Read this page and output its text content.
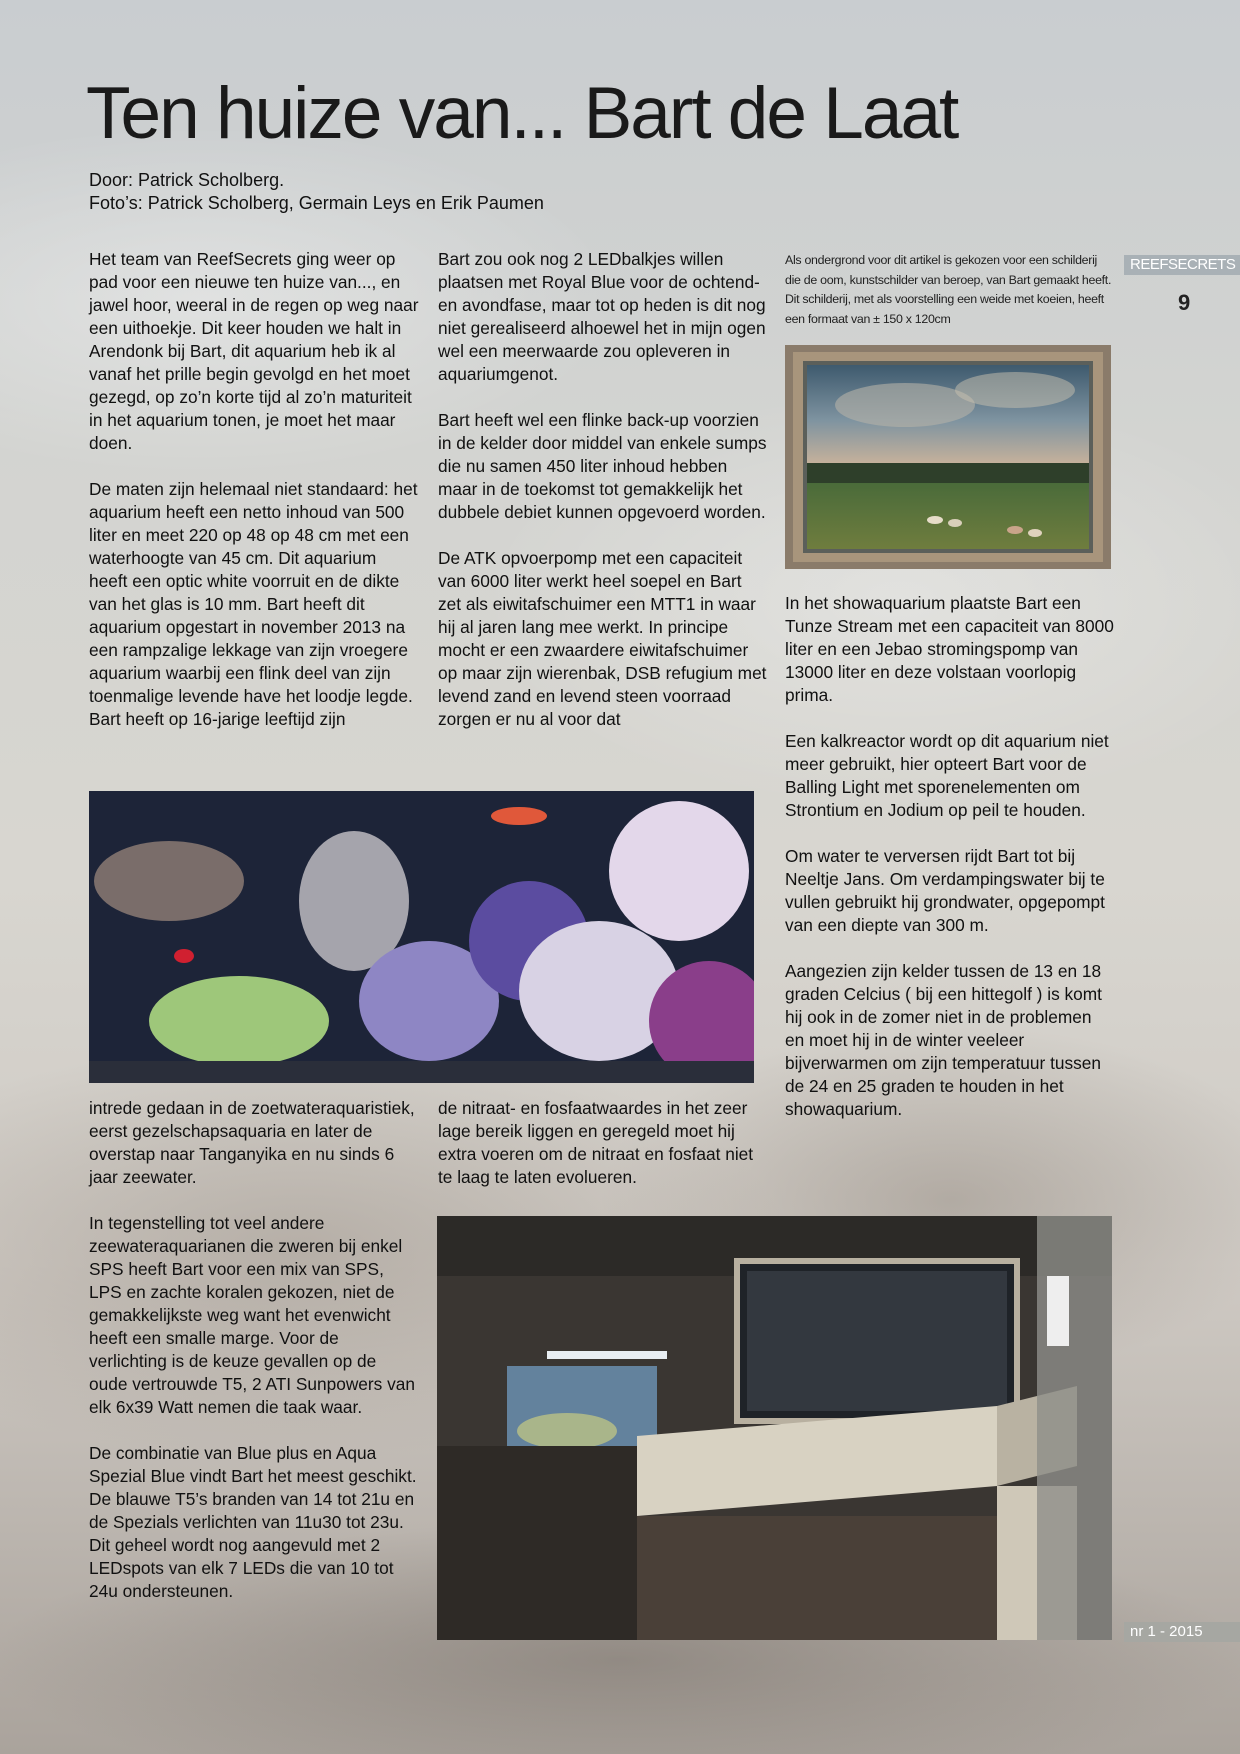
Ten huize van... Bart de Laat
Door: Patrick Scholberg.
Foto’s: Patrick Scholberg, Germain Leys en Erik Paumen

Het team van ReefSecrets ging weer op pad voor een nieuwe ten huize van..., en jawel hoor, weeral in de regen op weg naar een uithoekje. Dit keer houden we halt in Arendonk bij Bart, dit aquarium heb ik al vanaf het prille begin gevolgd en het moet gezegd, op zo’n korte tijd al zo’n maturiteit in het aquarium tonen, je moet het maar doen.

De maten zijn helemaal niet standaard: het aquarium heeft een netto inhoud van 500 liter en meet 220 op 48 op 48 cm met een waterhoogte van 45 cm. Dit aquarium heeft een optic white voorruit en de dikte van het glas is 10 mm. Bart heeft dit aquarium opgestart in november 2013 na een rampzalige lekkage van zijn vroegere aquarium waarbij een flink deel van zijn toenmalige levende have het loodje legde. Bart heeft op 16-jarige leeftijd zijn

Bart zou ook nog 2 LEDbalkjes willen plaatsen met Royal Blue voor de ochtend- en avondfase, maar tot op heden is dit nog niet gerealiseerd alhoewel het in mijn ogen wel een meerwaarde zou opleveren in aquariumgenot.

Bart heeft wel een flinke back-up voorzien in de kelder door middel van enkele sumps die nu samen 450 liter inhoud hebben maar in de toekomst tot gemakkelijk het dubbele debiet kunnen opgevoerd worden.

De ATK opvoerpomp met een capaciteit van 6000 liter werkt heel soepel en Bart zet als eiwitafschuimer een MTT1 in waar hij al jaren lang mee werkt. In principe mocht er een zwaardere eiwitafschuimer op maar zijn wierenbak, DSB refugium met levend zand en levend steen voorraad zorgen er nu al voor dat

Als ondergrond voor dit artikel is gekozen voor een schilderij die de oom, kunstschilder van beroep, van Bart gemaakt heeft. Dit schilderij, met als voorstelling een weide met koeien, heeft een formaat van ± 150 x 120cm
REEFSECRETS
9
nr 1 - 2015

intrede gedaan in de zoetwateraquaristiek, eerst gezelschapsaquaria en later de overstap naar Tanganyika en nu sinds 6 jaar zeewater.

In tegenstelling tot veel andere zeewateraquarianen die zweren bij enkel SPS heeft Bart voor een mix van SPS, LPS en zachte koralen gekozen, niet de gemakkelijkste weg want het evenwicht heeft een smalle marge. Voor de verlichting is de keuze gevallen op de oude vertrouwde T5, 2 ATI Sunpowers van elk 6x39 Watt nemen die taak waar.

De combinatie van Blue plus en Aqua Spezial Blue vindt Bart het meest geschikt. De blauwe T5’s branden van 14 tot 21u en de Spezials verlichten van 11u30 tot 23u. Dit geheel wordt nog aangevuld met 2 LEDspots van elk 7 LEDs die van 10 tot 24u ondersteunen.

de nitraat- en fosfaatwaardes in het zeer lage bereik liggen en geregeld moet hij extra voeren om de nitraat en fosfaat niet te laag te laten evolueren.

In het showaquarium plaatste Bart een Tunze Stream met een capaciteit van 8000 liter en een Jebao stromingspomp van 13000 liter en deze volstaan voorlopig prima.

Een kalkreactor wordt op dit aquarium niet meer gebruikt, hier opteert Bart voor de Balling Light met sporenelementen om Strontium en Jodium op peil te houden.

Om water te verversen rijdt Bart tot bij Neeltje Jans. Om verdampingswater bij te vullen gebruikt hij grondwater, opgepompt van een diepte van 300 m.

Aangezien zijn kelder tussen de 13 en 18 graden Celcius ( bij een hittegolf ) is komt hij ook in de zomer niet in de problemen en moet hij in de winter veeleer bijverwarmen om zijn temperatuur tussen de 24 en 25 graden te houden in het showaquarium.
